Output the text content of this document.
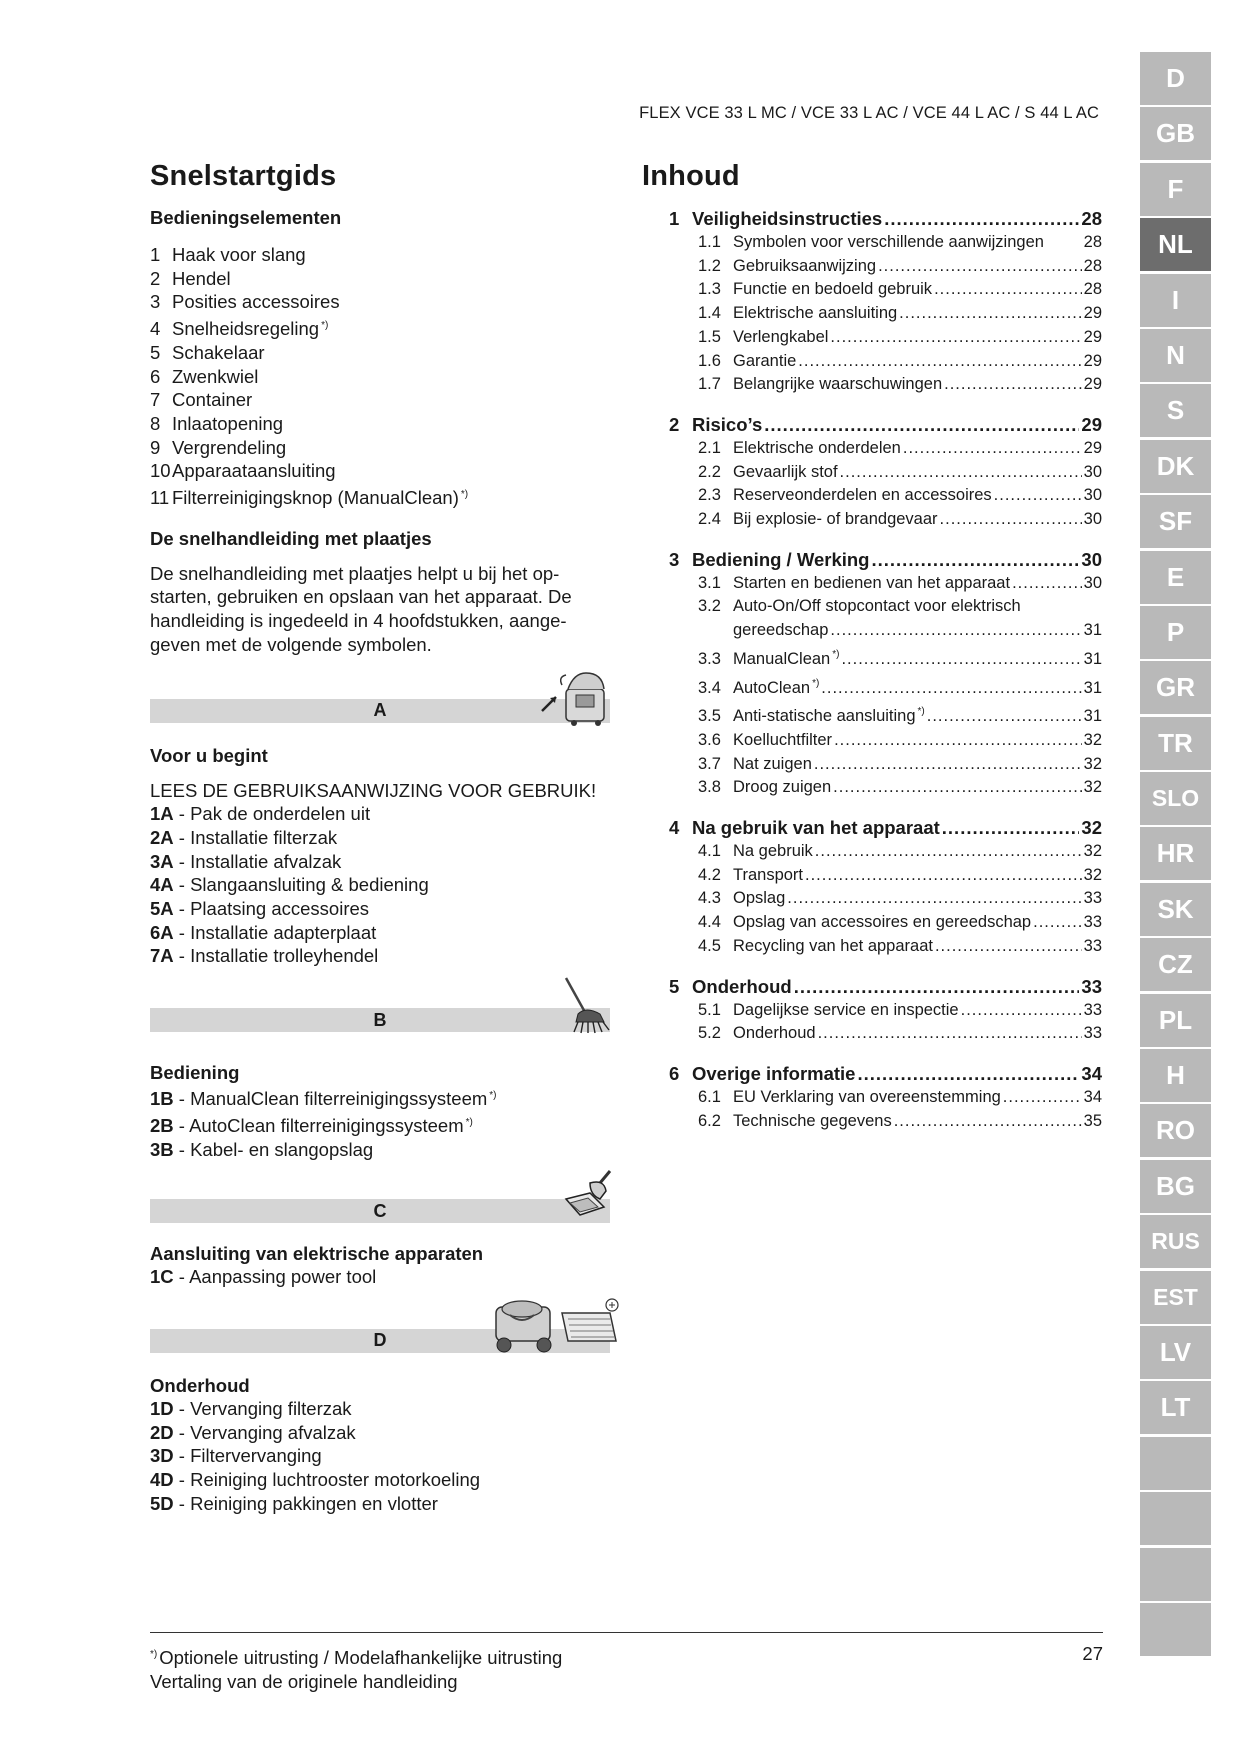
FLEX VCE 33 L MC / VCE 33 L AC / VCE 44 L AC / S 44 L AC
D
GB
F
NL
I
N
S
DK
SF
E
P
GR
TR
SLO
HR
SK
CZ
PL
H
RO
BG
RUS
EST
LV
LT
Snelstartgids
Bedieningselementen
1 Haak voor slang
2 Hendel
3 Posities accessoires
4 Snelheidsregeling *)
5 Schakelaar
6 Zwenkwiel
7 Container
8 Inlaatopening
9 Vergrendeling
10Apparaataansluiting
11 Filterreinigingsknop (ManualClean) *)
De snelhandleiding met plaatjes
De snelhandleiding met plaatjes helpt u bij het opstarten, gebruiken en opslaan van het apparaat. De handleiding is ingedeeld in 4 hoofdstukken, aangegeven met de volgende symbolen.
A
Voor u begint
LEES DE GEBRUIKSAANWIJZING VOOR GEBRUIK!
1A - Pak de onderdelen uit
2A - Installatie filterzak
3A - Installatie afvalzak
4A - Slangaansluiting & bediening
5A - Plaatsing accessoires
6A - Installatie adapterplaat
7A - Installatie trolleyhendel
B
Bediening
1B - ManualClean filterreinigingssysteem *)
2B - AutoClean filterreinigingssysteem *)
3B - Kabel- en slangopslag
C
Aansluiting van elektrische apparaten
1C - Aanpassing power tool
D
Onderhoud
1D - Vervanging filterzak
2D - Vervanging afvalzak
3D - Filtervervanging
4D - Reiniging luchtrooster motorkoeling
5D - Reiniging pakkingen en vlotter
Inhoud
1 Veiligheidsinstructies .....	28
1.1 Symbolen voor verschillende aanwijzingen 28
1.2 Gebruiksaanwijzing .....	28
1.3 Functie en bedoeld gebruik .....	28
1.4 Elektrische aansluiting .....	29
1.5 Verlengkabel .....	29
1.6 Garantie .....	29
1.7 Belangrijke waarschuwingen .....	29
2 Risico’s .....	29
2.1 Elektrische onderdelen .....	29
2.2 Gevaarlijk stof .....	30
2.3 Reserveonderdelen en accessoires .....	30
2.4 Bij explosie- of brandgevaar .....	30
3 Bediening / Werking .....	30
3.1 Starten en bedienen van het apparaat .....	30
3.2 Auto-On/Off stopcontact voor elektrisch
gereedschap .....	31
3.3 ManualClean *) .....	31
3.4 AutoClean *) .....	31
3.5 Anti-statische aansluiting *) .....	31
3.6 Koelluchtfilter .....	32
3.7 Nat zuigen .....	32
3.8 Droog zuigen .....	32
4 Na gebruik van het apparaat .....	32
4.1 Na gebruik .....	32
4.2 Transport .....	32
4.3 Opslag .....	33
4.4 Opslag van accessoires en gereedschap .....	33
4.5 Recycling van het apparaat .....	33
5 Onderhoud .....	33
5.1 Dagelijkse service en inspectie .....	33
5.2 Onderhoud .....	33
6 Overige informatie .....	34
6.1 EU Verklaring van overeenstemming .....	34
6.2 Technische gegevens .....	35
*) Optionele uitrusting / Modelafhankelijke uitrusting
Vertaling van de originele handleiding
27
